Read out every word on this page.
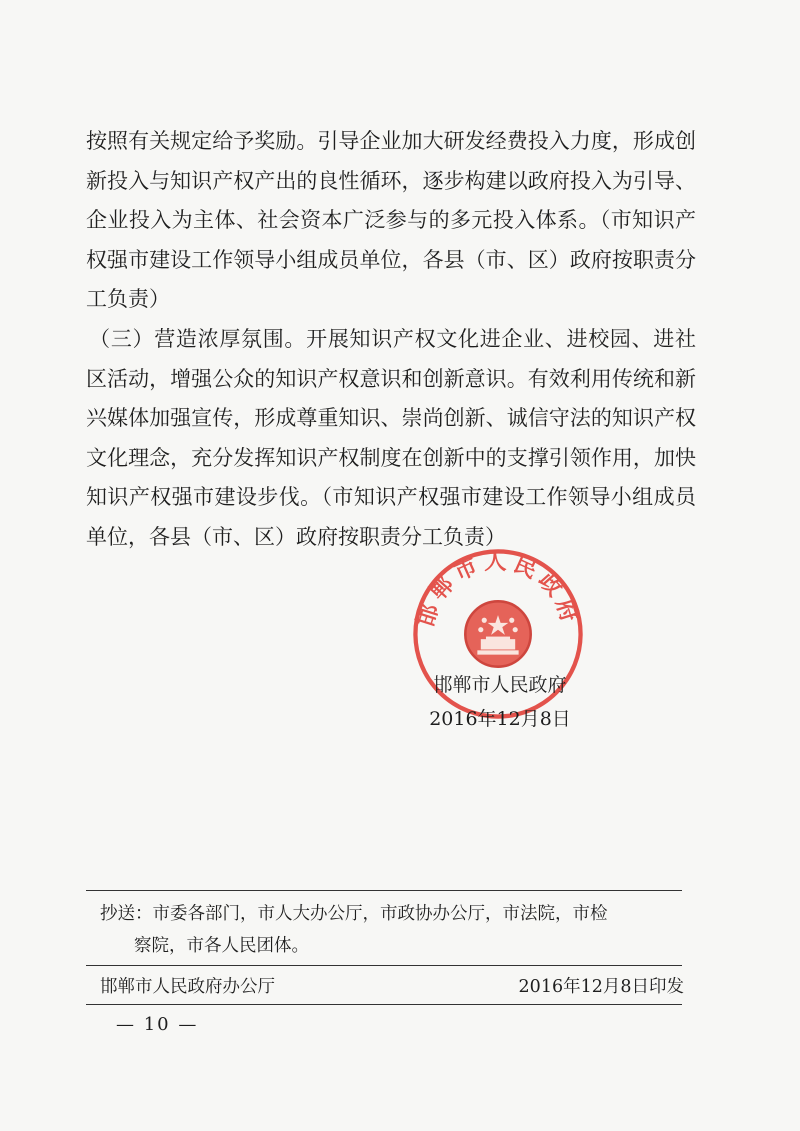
按照有关规定给予奖励。引导企业加大研发经费投入力度，形成创新投入与知识产权产出的良性循环，逐步构建以政府投入为引导、企业投入为主体、社会资本广泛参与的多元投入体系。（市知识产权强市建设工作领导小组成员单位，各县（市、区）政府按职责分工负责）

（三）营造浓厚氛围。开展知识产权文化进企业、进校园、进社区活动，增强公众的知识产权意识和创新意识。有效利用传统和新兴媒体加强宣传，形成尊重知识、崇尚创新、诚信守法的知识产权文化理念，充分发挥知识产权制度在创新中的支撑引领作用，加快知识产权强市建设步伐。（市知识产权强市建设工作领导小组成员单位，各县（市、区）政府按职责分工负责）

邯郸市人民政府
邯郸市人民政府
2016年12月8日
抄送：市委各部门，市人大办公厅，市政协办公厅，市法院，市检
察院，市各人民团体。
邯郸市人民政府办公厅	2016年12月8日印发
— 10 —
